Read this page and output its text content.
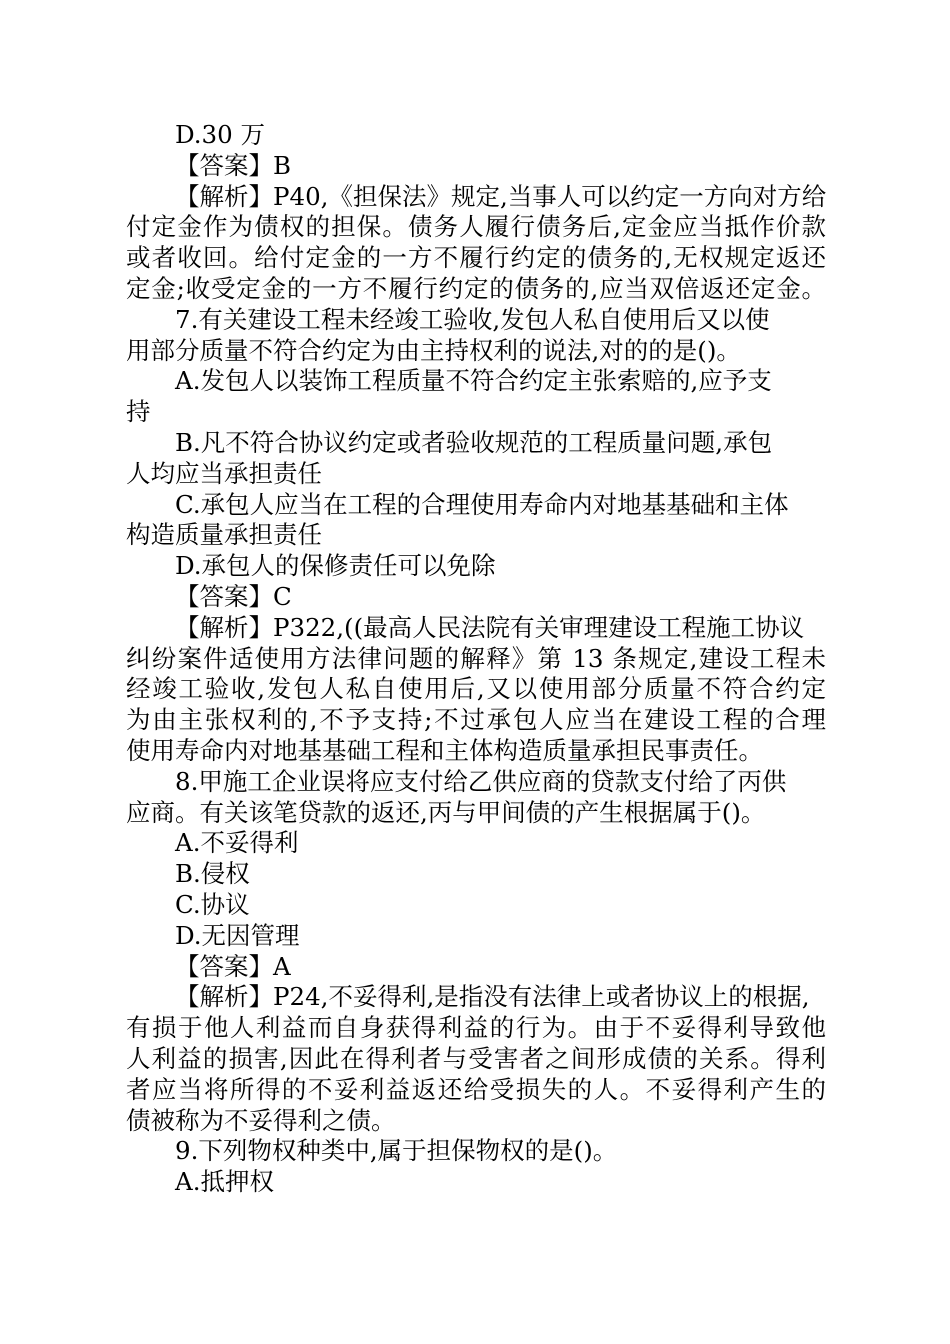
D.30 万
【答案】B
【解析】P40,《担保法》规定,当事人可以约定一方向对方给
付定金作为债权的担保。债务人履行债务后,定金应当抵作价款
或者收回。给付定金的一方不履行约定的债务的,无权规定返还
定金;收受定金的一方不履行约定的债务的,应当双倍返还定金。
7.有关建设工程未经竣工验收,发包人私自使用后又以使
用部分质量不符合约定为由主持权利的说法,对的的是()。
A.发包人以装饰工程质量不符合约定主张索赔的,应予支
持
B.凡不符合协议约定或者验收规范的工程质量问题,承包
人均应当承担责任
C.承包人应当在工程的合理使用寿命内对地基基础和主体
构造质量承担责任
D.承包人的保修责任可以免除
【答案】C
【解析】P322,((最高人民法院有关审理建设工程施工协议
纠纷案件适使用方法律问题的解释》第 13 条规定,建设工程未
经竣工验收,发包人私自使用后,又以使用部分质量不符合约定
为由主张权利的,不予支持;不过承包人应当在建设工程的合理
使用寿命内对地基基础工程和主体构造质量承担民事责任。
8.甲施工企业误将应支付给乙供应商的贷款支付给了丙供
应商。有关该笔贷款的返还,丙与甲间债的产生根据属于()。
A.不妥得利
B.侵权
C.协议
D.无因管理
【答案】A
【解析】P24,不妥得利,是指没有法律上或者协议上的根据,
有损于他人利益而自身获得利益的行为。由于不妥得利导致他
人利益的损害,因此在得利者与受害者之间形成债的关系。得利
者应当将所得的不妥利益返还给受损失的人。不妥得利产生的
债被称为不妥得利之债。
9.下列物权种类中,属于担保物权的是()。
A.抵押权
